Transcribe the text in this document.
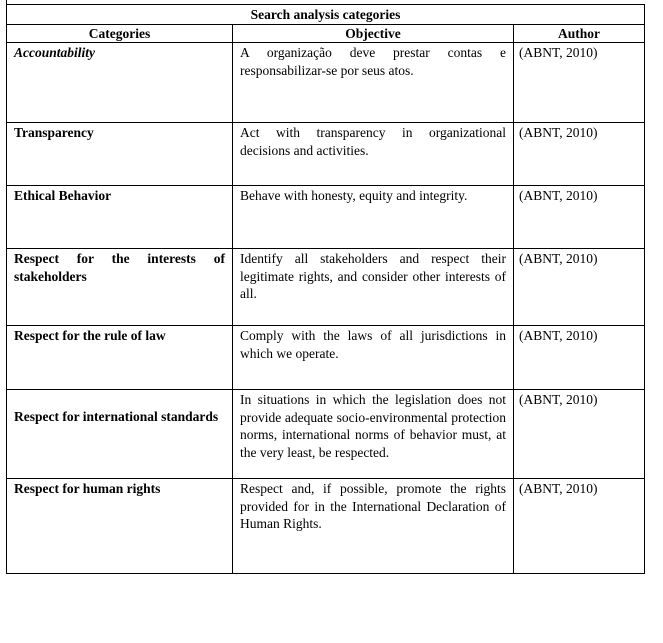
Search analysis categories		
Categories	Objective	Author
Accountability	A organização deve prestar contas e responsabilizar-se por seus atos.	(ABNT, 2010)
Transparency	Act with transparency in organizational decisions and activities.	(ABNT, 2010)
Ethical Behavior	Behave with honesty, equity and integrity.	(ABNT, 2010)
Respect for the interests of stakeholders	Identify all stakeholders and respect their legitimate rights, and consider other interests of all.	(ABNT, 2010)
Respect for the rule of law	Comply with the laws of all jurisdictions in which we operate.	(ABNT, 2010)
Respect for international standards	In situations in which the legislation does not provide adequate socio-environmental protection norms, international norms of behavior must, at the very least, be respected.	(ABNT, 2010)
Respect for human rights	Respect and, if possible, promote the rights provided for in the International Declaration of Human Rights.	(ABNT, 2010)
